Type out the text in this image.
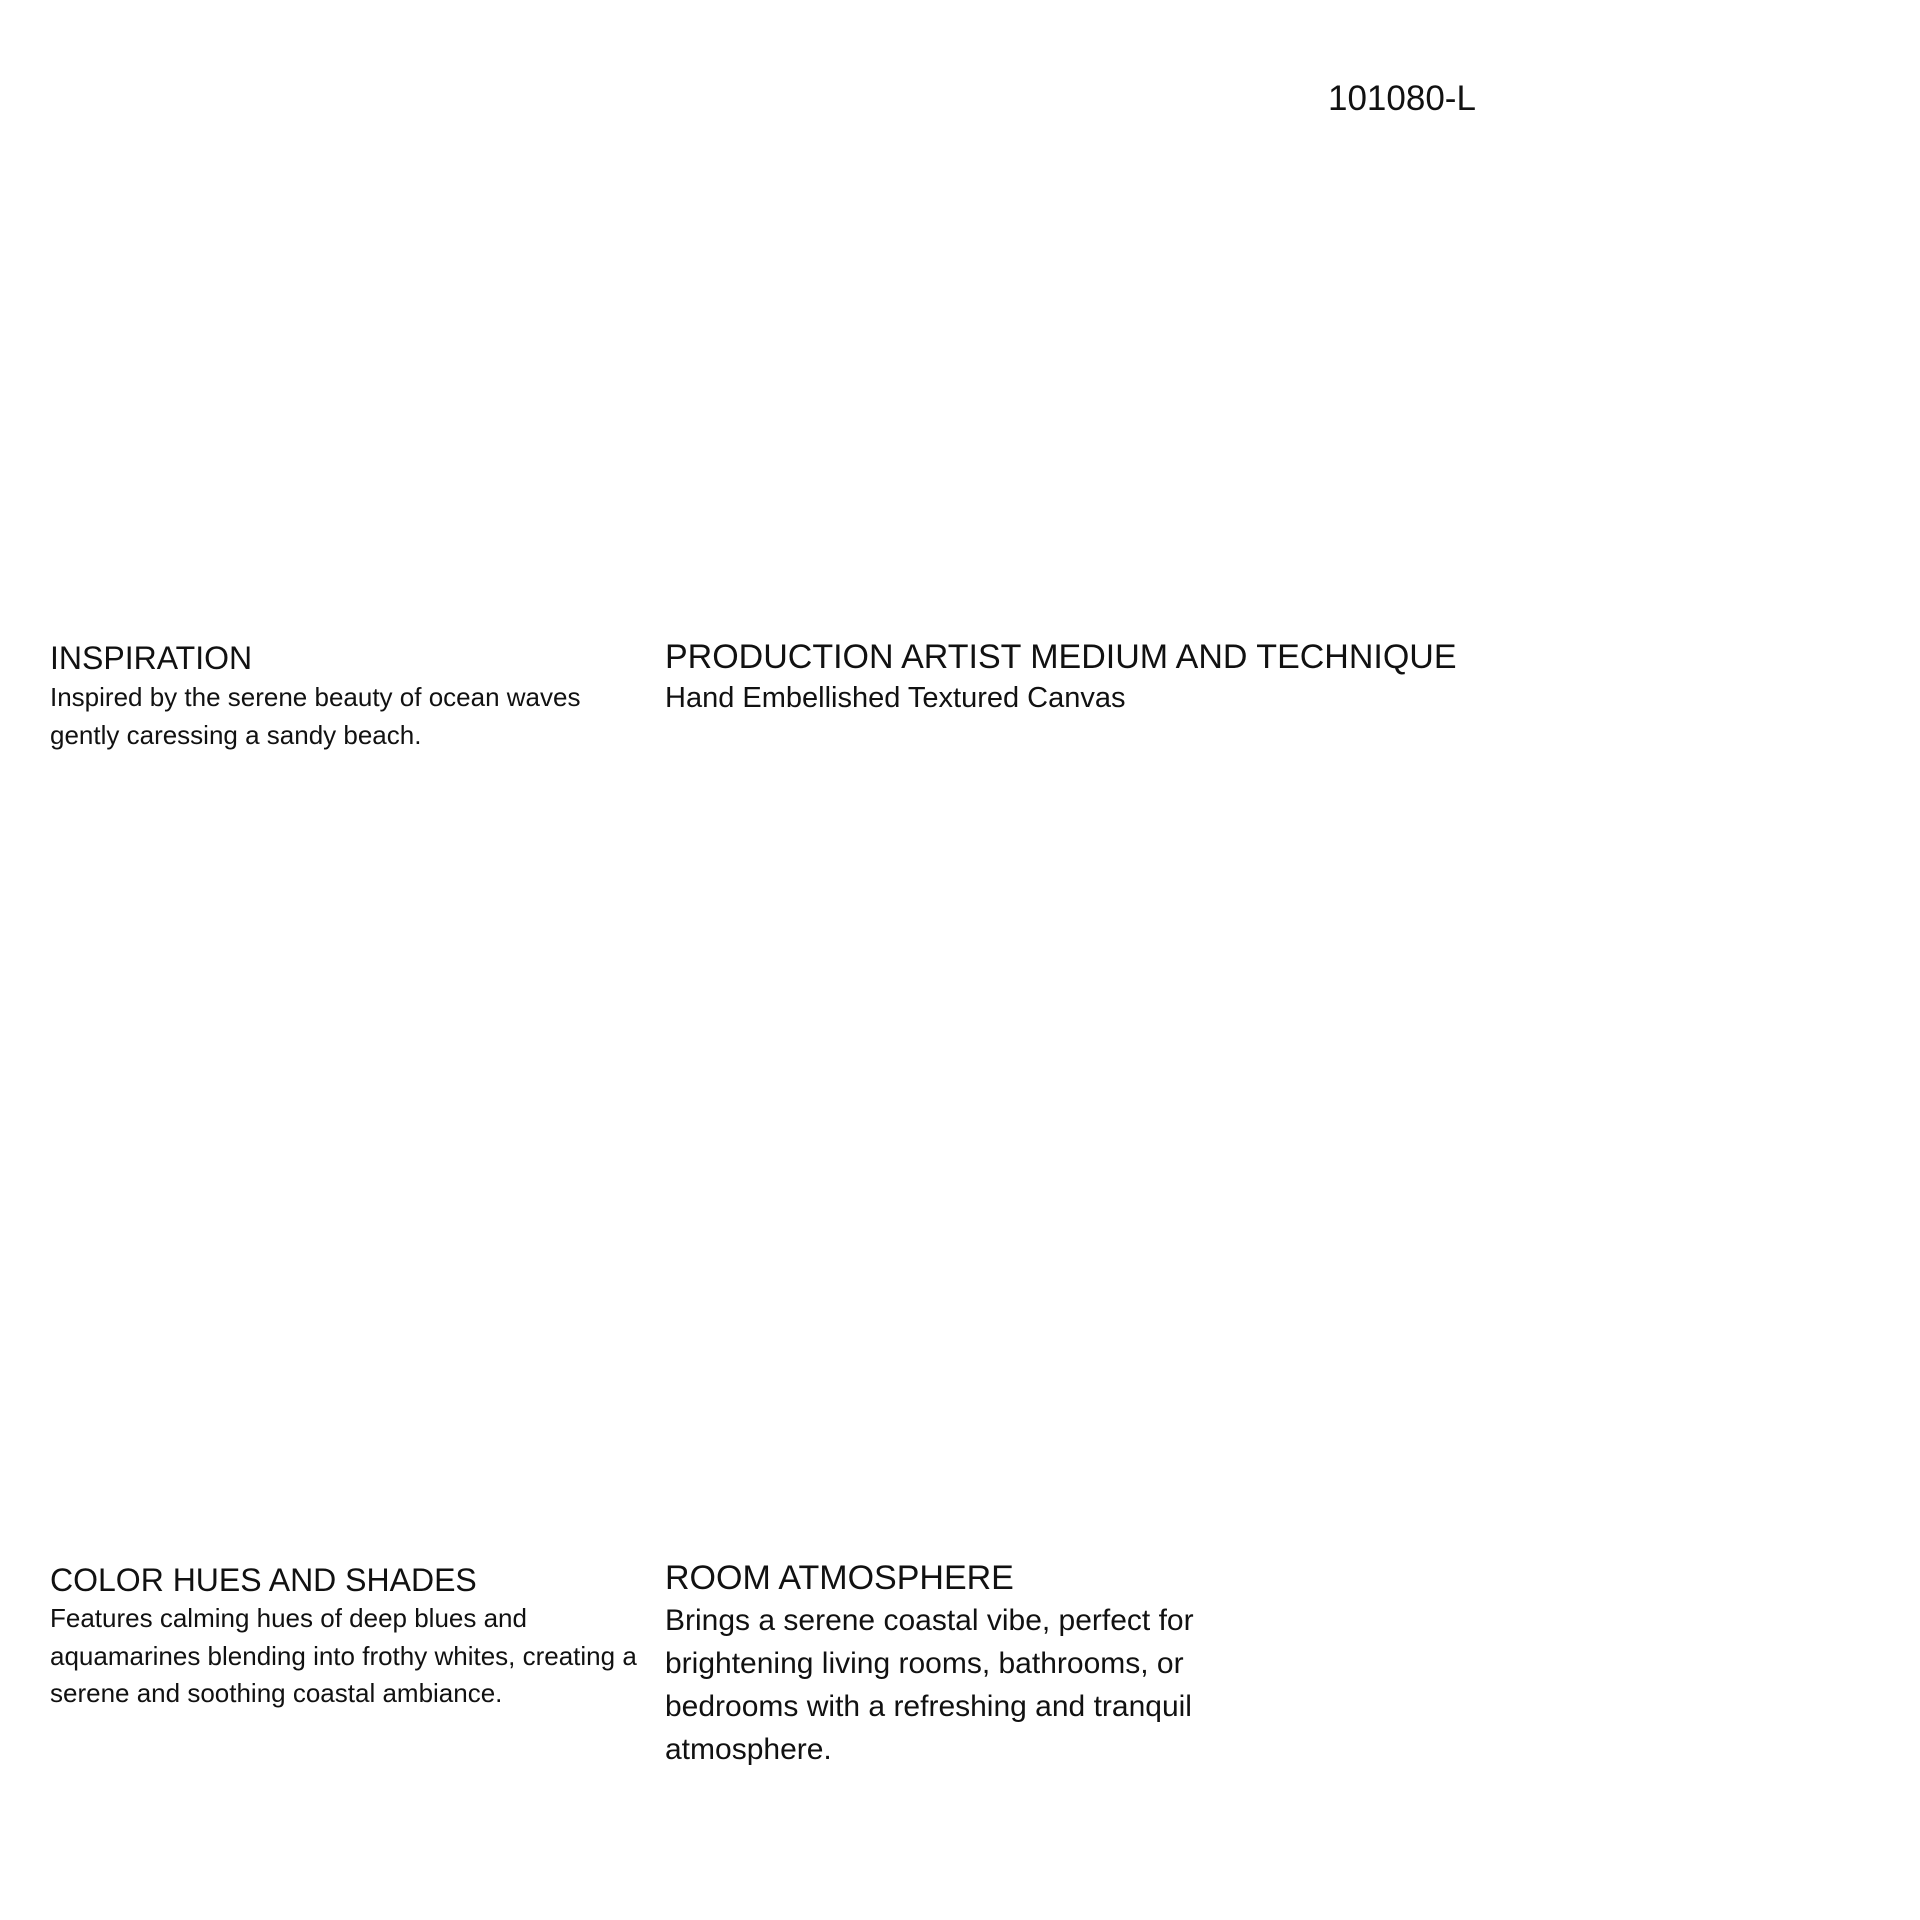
101080-L
INSPIRATION

Inspired by the serene beauty of ocean waves gently caressing a sandy beach.

PRODUCTION ARTIST MEDIUM AND TECHNIQUE

Hand Embellished Textured Canvas

COLOR HUES AND SHADES

Features calming hues of deep blues and aquamarines blending into frothy whites, creating a serene and soothing coastal ambiance.

ROOM ATMOSPHERE

Brings a serene coastal vibe, perfect for brightening living rooms, bathrooms, or bedrooms with a refreshing and tranquil atmosphere.
